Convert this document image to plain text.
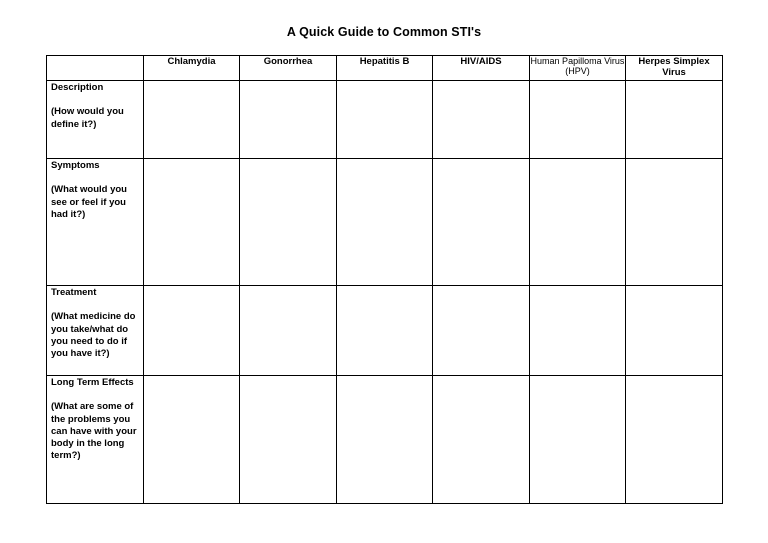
A Quick Guide to Common STI's
	Chlamydia	Gonorrhea	Hepatitis B	HIV/AIDS	Human Papilloma Virus (HPV)	Herpes Simplex Virus
Description
(How would you define it?)						

Symptoms
(What would you see or feel if you had it?)						

Treatment
(What medicine do you take/what do you need to do if you have it?)						

Long Term Effects
(What are some of the problems you can have with your body in the long term?)						
